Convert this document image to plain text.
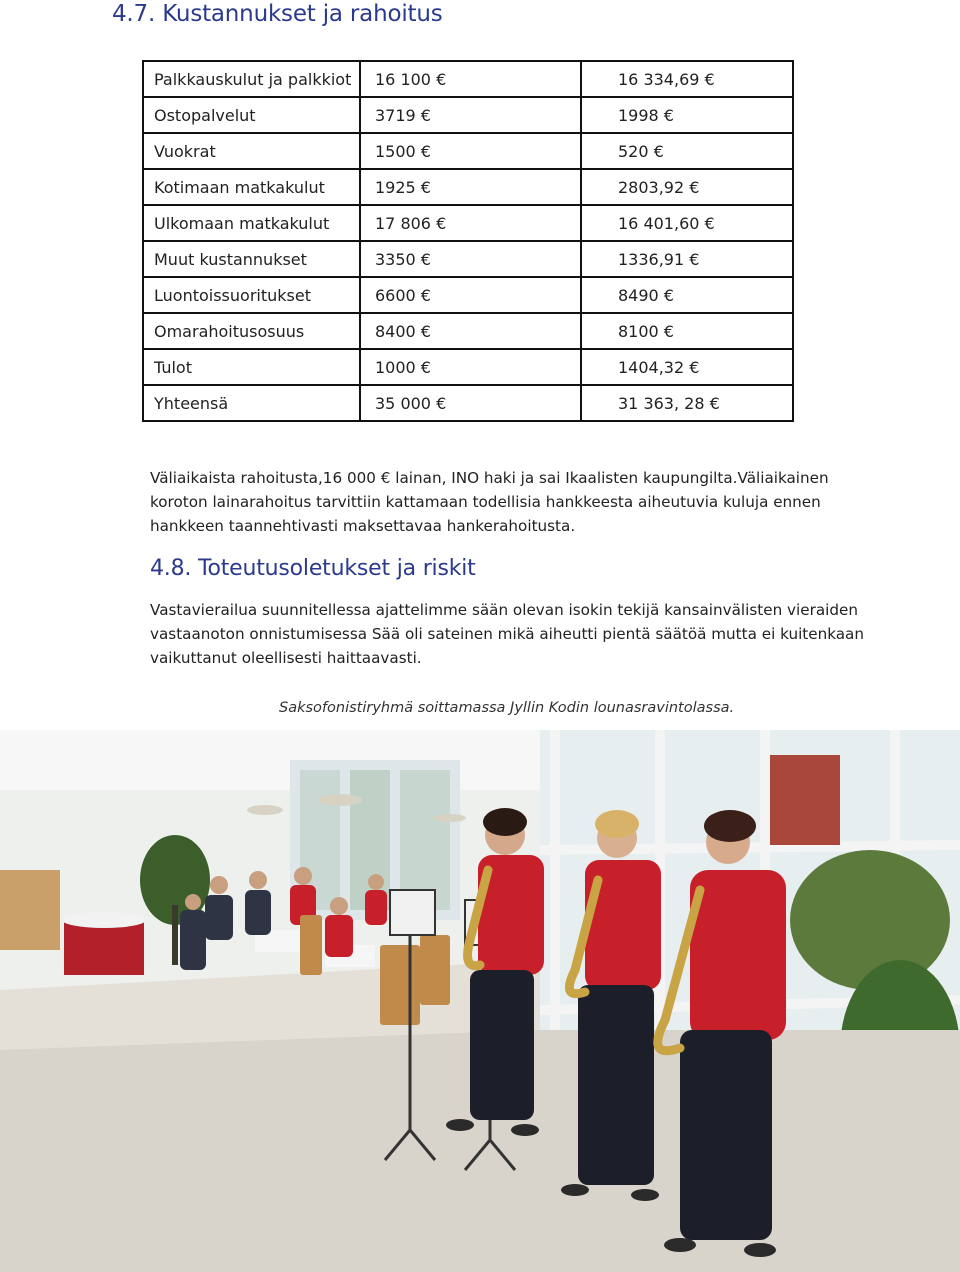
4.7. Kustannukset ja rahoitus
Palkkauskulut ja palkkiot	16 100 €	16 334,69 €
Ostopalvelut	3719 €	1998 €
Vuokrat	1500 €	520 €
Kotimaan matkakulut	1925 €	2803,92 €
Ulkomaan matkakulut	17 806 €	16 401,60 €
Muut kustannukset	3350 €	1336,91 €
Luontoissuoritukset	6600 €	8490 €
Omarahoitusosuus	8400 €	8100 €
Tulot	1000 €	1404,32 €
Yhteensä	35 000 €	31 363, 28 €

Väliaikaista rahoitusta,16 000 € lainan, INO haki ja sai Ikaalisten kaupungilta.Väliaikainen koroton lainarahoitus tarvittiin kattamaan todellisia hankkeesta aiheutuvia kuluja ennen hankkeen taannehtivasti maksettavaa hankerahoitusta.

4.8. Toteutusoletukset ja riskit

Vastavierailua suunnitellessa ajattelimme sään olevan isokin tekijä kansainvälisten vieraiden vastaanoton onnistumisessa Sää oli sateinen mikä aiheutti pientä säätöä mutta ei kuitenkaan vaikuttanut oleellisesti haittaavasti.

Saksofonistiryhmä soittamassa Jyllin Kodin lounasravintolassa.
